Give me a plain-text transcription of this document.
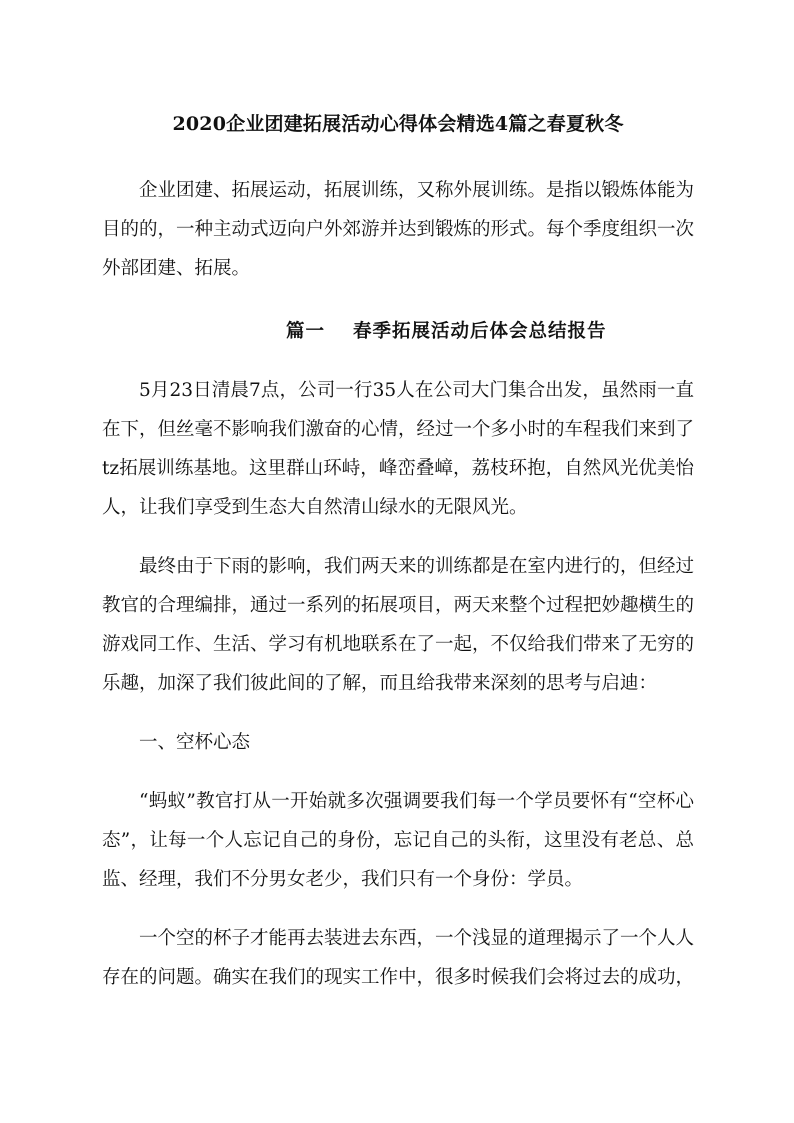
2020企业团建拓展活动心得体会精选4篇之春夏秋冬

企业团建、拓展运动，拓展训练，又称外展训练。是指以锻炼体能为目的的，一种主动式迈向户外郊游并达到锻炼的形式。每个季度组织一次外部团建、拓展。

篇一 春季拓展活动后体会总结报告

5月23日清晨7点，公司一行35人在公司大门集合出发，虽然雨一直在下，但丝毫不影响我们激奋的心情，经过一个多小时的车程我们来到了tz拓展训练基地。这里群山环峙，峰峦叠嶂，荔枝环抱，自然风光优美怡人，让我们享受到生态大自然清山绿水的无限风光。

最终由于下雨的影响，我们两天来的训练都是在室内进行的，但经过教官的合理编排，通过一系列的拓展项目，两天来整个过程把妙趣横生的游戏同工作、生活、学习有机地联系在了一起，不仅给我们带来了无穷的乐趣，加深了我们彼此间的了解，而且给我带来深刻的思考与启迪：

一、空杯心态

“蚂蚁”教官打从一开始就多次强调要我们每一个学员要怀有“空杯心态”，让每一个人忘记自己的身份，忘记自己的头衔，这里没有老总、总监、经理，我们不分男女老少，我们只有一个身份：学员。

一个空的杯子才能再去装进去东西，一个浅显的道理揭示了一个人人存在的问题。确实在我们的现实工作中，很多时候我们会将过去的成功，
